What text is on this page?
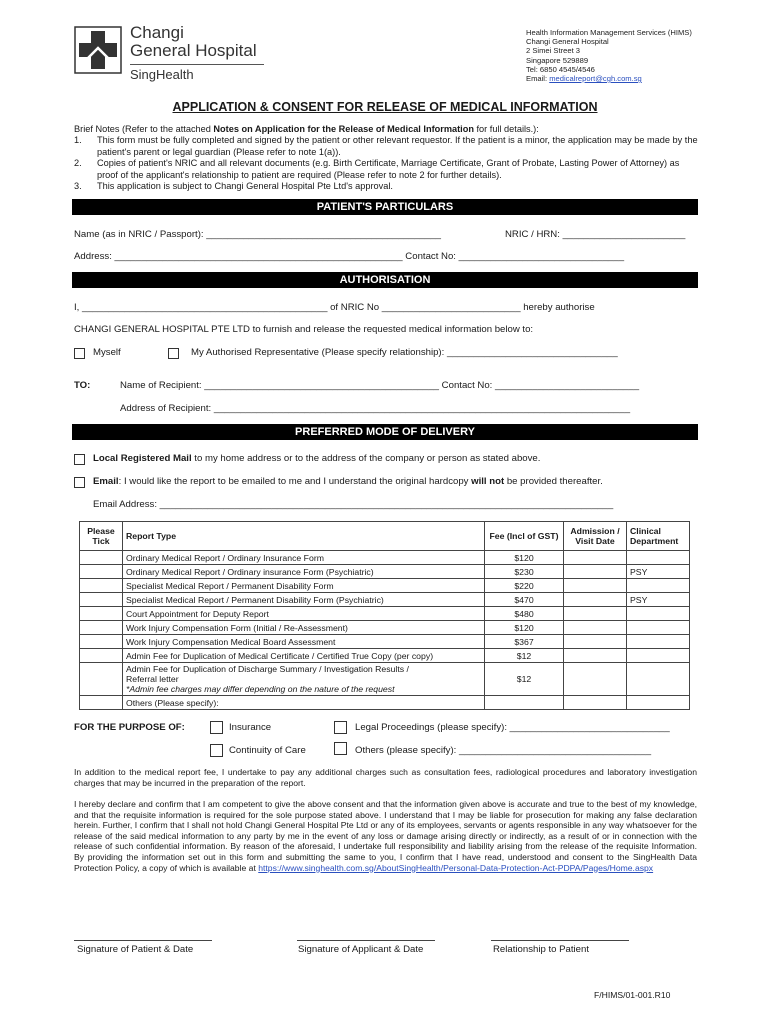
Changi
General Hospital
SingHealth
Health Information Management Services (HIMS)
Changi General Hospital
2 Simei Street 3
Singapore 529889
Tel: 6850 4545/4546
Email: medicalreport@cgh.com.sg
APPLICATION & CONSENT FOR RELEASE OF MEDICAL INFORMATION
Brief Notes (Refer to the attached Notes on Application for the Release of Medical Information for full details.):
1.	This form must be fully completed and signed by the patient or other relevant requestor. If the patient is a minor, the application may be made by the patient's parent or legal guardian (Please refer to note 1(a)).
2.	Copies of patient's NRIC and all relevant documents (e.g. Birth Certificate, Marriage Certificate, Grant of Probate, Lasting Power of Attorney) as proof of the applicant's relationship to patient are required (Please refer to note 2 for further details).
3.	This application is subject to Changi General Hospital Pte Ltd's approval.
PATIENT'S PARTICULARS
Name (as in NRIC / Passport): ____________________________________________	NRIC / HRN: _______________________
Address: ______________________________________________________ Contact No: _______________________________
AUTHORISATION
I, ______________________________________________ of NRIC No __________________________ hereby authorise
CHANGI GENERAL HOSPITAL PTE LTD to furnish and release the requested medical information below to:
Myself	My Authorised Representative (Please specify relationship): ________________________________
TO:	Name of Recipient: ____________________________________________ Contact No: ___________________________
Address of Recipient: ______________________________________________________________________________
PREFERRED MODE OF DELIVERY
Local Registered Mail to my home address or to the address of the company or person as stated above.
Email: I would like the report to be emailed to me and I understand the original hardcopy will not be provided thereafter.
Email Address: _____________________________________________________________________________________
Please Tick	Report Type	Fee (Incl of GST)	Admission / Visit Date	Clinical Department
	Ordinary Medical Report / Ordinary Insurance Form	$120		
	Ordinary Medical Report / Ordinary insurance Form (Psychiatric)	$230		PSY
	Specialist Medical Report / Permanent Disability Form	$220		
	Specialist Medical Report / Permanent Disability Form (Psychiatric)	$470		PSY
	Court Appointment for Deputy Report	$480		
	Work Injury Compensation Form (Initial / Re-Assessment)	$120		
	Work Injury Compensation Medical Board Assessment	$367		
	Admin Fee for Duplication of Medical Certificate / Certified True Copy (per copy)	$12		

	Admin Fee for Duplication of Discharge Summary / Investigation Results /
Referral letter
*Admin fee charges may differ depending on the nature of the request	$12		
	Others (Please specify):			
FOR THE PURPOSE OF:	Insurance	Legal Proceedings (please specify): ______________________________
Continuity of Care	Others (please specify): ____________________________________
In addition to the medical report fee, I undertake to pay any additional charges such as consultation fees, radiological procedures and laboratory investigation charges that may be incurred in the preparation of the report.
I hereby declare and confirm that I am competent to give the above consent and that the information given above is accurate and true to the best of my knowledge, and that the requisite information is required for the sole purpose stated above. I understand that I may be liable for prosecution for making any false declaration herein. Further, I confirm that I shall not hold Changi General Hospital Pte Ltd or any of its employees, servants or agents responsible in any way whatsoever for the release of the said medical information to any party by me in the event of any loss or damage arising directly or indirectly, as a result of or in connection with the release of such confidential information. By reason of the aforesaid, I undertake full responsibility and liability arising from the release of the requisite Information. By providing the information set out in this form and submitting the same to you, I confirm that I have read, understood and consent to the SingHealth Data Protection Policy, a copy of which is available at https://www.singhealth.com.sg/AboutSingHealth/Personal-Data-Protection-Act-PDPA/Pages/Home.aspx
Signature of Patient & Date	Signature of Applicant & Date	Relationship to Patient
F/HIMS/01-001.R10
